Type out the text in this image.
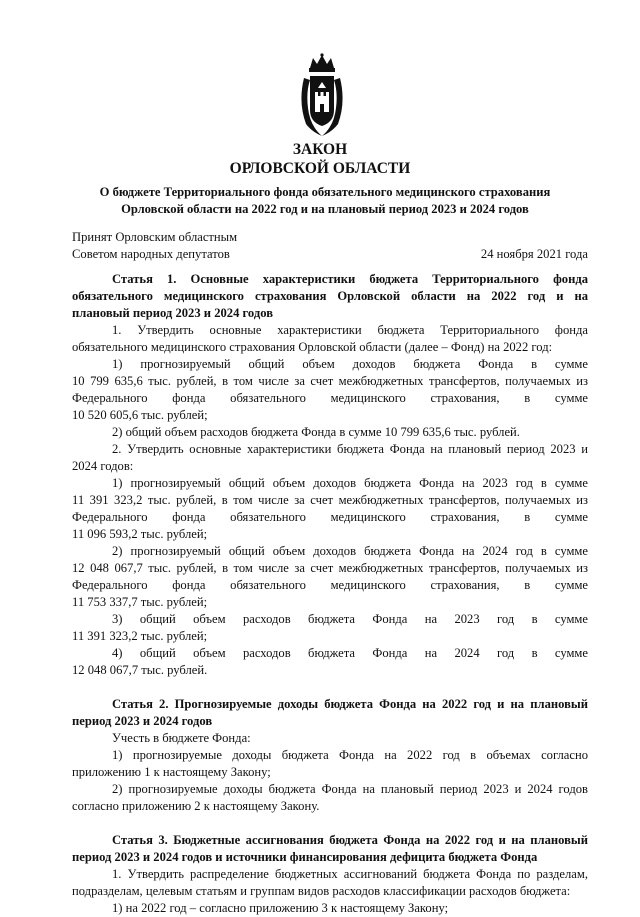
ЗАКОН
ОРЛОВСКОЙ ОБЛАСТИ
О бюджете Территориального фонда обязательного медицинского страхования
Орловской области на 2022 год и на плановый период 2023 и 2024 годов
Принят Орловским областным
Советом народных депутатов	24 ноября 2021 года

Статья 1. Основные характеристики бюджета Территориального фонда

обязательного медицинского страхования Орловской области на 2022 год и на

плановый период 2023 и 2024 годов

1. Утвердить основные характеристики бюджета Территориального фонда

обязательного медицинского страхования Орловской области (далее – Фонд) на 2022 год:

1) прогнозируемый общий объем доходов бюджета Фонда в сумме

10 799 635,6 тыс. рублей, в том числе за счет межбюджетных трансфертов, получаемых из

Федерального фонда обязательного медицинского страхования, в сумме

10 520 605,6 тыс. рублей;

2) общий объем расходов бюджета Фонда в сумме 10 799 635,6 тыс. рублей.

2. Утвердить основные характеристики бюджета Фонда на плановый период 2023 и

2024 годов:

1) прогнозируемый общий объем доходов бюджета Фонда на 2023 год в сумме

11 391 323,2 тыс. рублей, в том числе за счет межбюджетных трансфертов, получаемых из

Федерального фонда обязательного медицинского страхования, в сумме

11 096 593,2 тыс. рублей;

2) прогнозируемый общий объем доходов бюджета Фонда на 2024 год в сумме

12 048 067,7 тыс. рублей, в том числе за счет межбюджетных трансфертов, получаемых из

Федерального фонда обязательного медицинского страхования, в сумме

11 753 337,7 тыс. рублей;

3) общий объем расходов бюджета Фонда на 2023 год в сумме

11 391 323,2 тыс. рублей;

4) общий объем расходов бюджета Фонда на 2024 год в сумме

12 048 067,7 тыс. рублей.

Статья 2. Прогнозируемые доходы бюджета Фонда на 2022 год и на плановый

период 2023 и 2024 годов

Учесть в бюджете Фонда:

1) прогнозируемые доходы бюджета Фонда на 2022 год в объемах согласно

приложению 1 к настоящему Закону;

2) прогнозируемые доходы бюджета Фонда на плановый период 2023 и 2024 годов

согласно приложению 2 к настоящему Закону.

Статья 3. Бюджетные ассигнования бюджета Фонда на 2022 год и на плановый

период 2023 и 2024 годов и источники финансирования дефицита бюджета Фонда

1. Утвердить распределение бюджетных ассигнований бюджета Фонда по разделам,

подразделам, целевым статьям и группам видов расходов классификации расходов бюджета:

1) на 2022 год – согласно приложению 3 к настоящему Закону;
